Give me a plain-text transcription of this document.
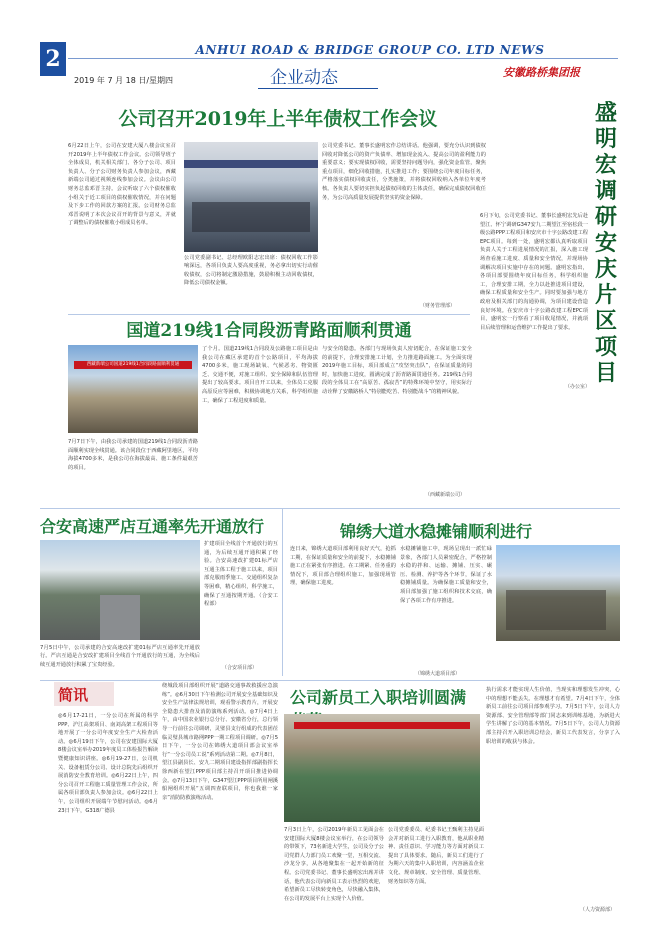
2	ANHUI ROAD & BRIDGE GROUP CO. LTD NEWS
2019 年 7 月 18 日/星期四	企业动态	安徽路桥集团报
公司召开2019年上半年债权工作会议
6月22日上午，公司在安建大厦八楼会议室召开2019年上半年债权工作会议。公司领导班子全体成员，机关相关部门、各分子公司、项目负责人、分子公司财务负责人参加会议，西藏新端公司通过视频连线参加会议。会议由公司财务总监邓晋主持。会议听取了六个债权催收小组关于近工项目的债权催收情况，并在问题及下步工作的回款方案的汇报。公司财务总监邓晋说明了本次会议召开的背景与意义，并就了调整后的债权催收小组成员名单。
公司党委副书记、总经理欧阳志宏出席：债权回收工作影响深远，各项目负责人要高度重视，务必拿出切实行动催收债权，公司将制定激励措施，鼓励积极主动回收债权，降低公司债权金额。
公司党委书记、董事长盛明宏作总结讲话。他强调，要充分认识到债权回收对降低公司的资产负债率、增加现金流入、提高公司的盈利能力的重要意义；要实现债权回收，需要坚持问题导向，强化资金监管，聚焦重点项目，细化回收措施，扎实推进工作；要围绕公司年度目标任务，严格落实债权回收责任，分类施策，并将债权回收纳入各单位年度考核。各负责人要切实担负起债权回收的主体责任，确保完成债权回收任务，为公司高质量发展提供坚实的资金保障。
（财务管理部）
盛明宏调研安庆片区项目
6月下旬，公司党委书记、董事长盛明宏先后赴望江、怀宁调研G347安九二期望江至宿松段一级公路PPP工程项目和安庆市十字公路改建工程EPC项目。每到一处，盛明宏都认真听取项目负责人关于工程进展情况的汇报，深入施工现场查看施工进度、质量和安全情况，并现场协调解决项目实施中存在的问题。盛明宏指出，各项目部要围绕年度目标任务，科学组织施工，合理安排工期，全力以赴推进项目建设，确保工程质量和安全生产。同时要加强与地方政府及相关部门的沟通协调，为项目建设营造良好环境。在安庆市十字公路改建工程EPC项目，盛明宏一行察看了项目收尾情况，并就项目后续管理和运营维护工作提出了要求。
（办公室）
国道219线1合同段沥青路面顺利贯通
西藏新端公司国道219线1合同段路面顺利贯通
7月7日下午，由我公司承建的国道219线1合同段沥青路面顺利实现全线贯通。该合同段位于西藏阿里地区，平均海拔4700多米，是我公司在海拔最高、施工条件最艰苦的项目。
了个月。国道219线1合同段及公路施工项目是由我公司在藏区承建的首个公路项目，平均海拔4700多米，施工现场缺氧、气候恶劣、物资匮乏、交通不便，对施工组织、安全保障和队伍管理提出了较高要求。项目自开工以来，全体员工克服高原反应等困难，积极协调地方关系，科学组织施工，确保了工程进度和质量。
与安全的隐患。各部门与现场负责人密切配合，在保证施工安全的前提下，合理安排施工计划，全力推进路面施工。为全面实现2019年施工目标，项目部成立“攻坚突击队”，在保证质量的同时，加快施工进度，圆满完成了沥青路面贯通任务。219线1合同段的全体员工在“高原苦、孤寂苦”的特殊环境中坚守，用实际行动诠释了安徽路桥人“特别能吃苦、特别能战斗”的精神风貌。
（西藏新端公司）
合安高速严店互通率先开通放行
7月5日中午，公司承建的合安高速改扩建01标严店互通率先开通放行。严店互通是合安改扩建项目全线首个开通放行的互通，为全线后续互通开通放行积累了宝贵经验。
扩建项目全线首个开通放行的互通，为后续互通开通积累了经验。合安高速改扩建01标严店互通主体工程于施工以来，项目部克服雨季施工、交通组织复杂等困难，精心组织，科学施工，确保了互通按期开通。（合安工程部）
（合安项目部）
锦绣大道水稳摊铺顺利进行
连日来，锦绣大道项目部利用良好天气，抢抓工期，在保证质量和安全的前提下，水稳摊铺施工正在紧张有序推进。在工期紧、任务重的情况下，项目部合理组织施工，加强现场管理，确保施工进度。
水稳摊铺施工中，现场呈现出一派忙碌景象，各部门人员紧密配合，严格控制水稳的拌和、运输、摊铺、压实、碾压、检测、养护等各个环节，保证了水稳摊铺质量。为确保施工质量和安全，项目部加强了施工组织和技术交底，确保了各项工作有序推进。
（锦绣大道项目部）
简讯
◎6月17-21日，一分公司在所属的科学PPP、沪江高架项目、南刘高架工程项目等地开展了一分公司年度安全生产大检查活动。◎6月19日下午，公司在安建国际大厦8楼会议室举办2019年度员工体检报告解读暨健康知识讲座。◎6月19-27日，公司机关、设备租赁分公司、设计总院先后组织开展消防安全教育培训。◎6月22日上午，四分公司召开工程施工质量管理工作会议，所属各项目部负责人参加会议。◎6月22日上午，公司组织开展端午节慰问活动。◎6月23日下午，G318广德县
绕城段项目部组织开展“道路交通事故救援应急演练”。◎6月30日下午检测公司开展安全基础知识及安全生产法律法规培训，观看警示教育片，开展安全隐患大排查及消防演练系列活动。◎7月4日上午，由中国农业银行总分行、安徽省分行，总行领导一行前往公司调研，灵璧县支行组成的代表团莅临灵璧县城市路网PPP一期工程项目调研。◎7月5日下午，一分公司在锦绣大道项目部会议室举行“一分公司员工说”系列活动第二期。◎7月8日，望江县副县长、安九二期项目建设指挥部副指挥长徐西新在望江PPP项目部主持召开项目推进协调会。◎7月13日下午，G347望江PPP项目所用闸溪船闸组织开展“五调四查联项目，你也我谁一家亲”消防防救演练活动。
公司新员工入职培训圆满
7月3日上午，公司2019年新员工见面会在安建国际大厦8楼会议室举行，在公司领导的带领下，73名新进大学生，公司及分子公司党群人力部门员工欢聚一堂，互相交流、沙龙分享，从各地聚集在一起开始新的征程。公司党委书记、董事长盛明宏出席并讲话，他代表公司向新员工表示热烈的欢迎，希望新员工尽快转变角色，尽快融入集体，在公司的发展平台上实现个人价值。
公司党委委员、纪委书记王甄利主持见面会并对新员工进行入职教育，他从职业精神、责任意识、学习能力等方面对新员工提出了具体要求。随后，新员工们进行了为期六天的集中入职培训，内容涵盖企业文化、规章制度、安全管理、质量管理、财务知识等方面。
执行需求才能实现人生价值，当现实和理想发生冲突，心中的理想不能丢失。在理想才有希望。7月4日下午，全体新员工前往公司项目部参观学习。7月5日下午，公司人力资源部、安全管理部等部门同志来到训练基地，为新进大学生讲解了公司的基本情况。7月5日下午，公司人力资源部主持召开入职培训总结会，新员工代表发言，分享了入职培训的收获与体会。
（人力资源部）
